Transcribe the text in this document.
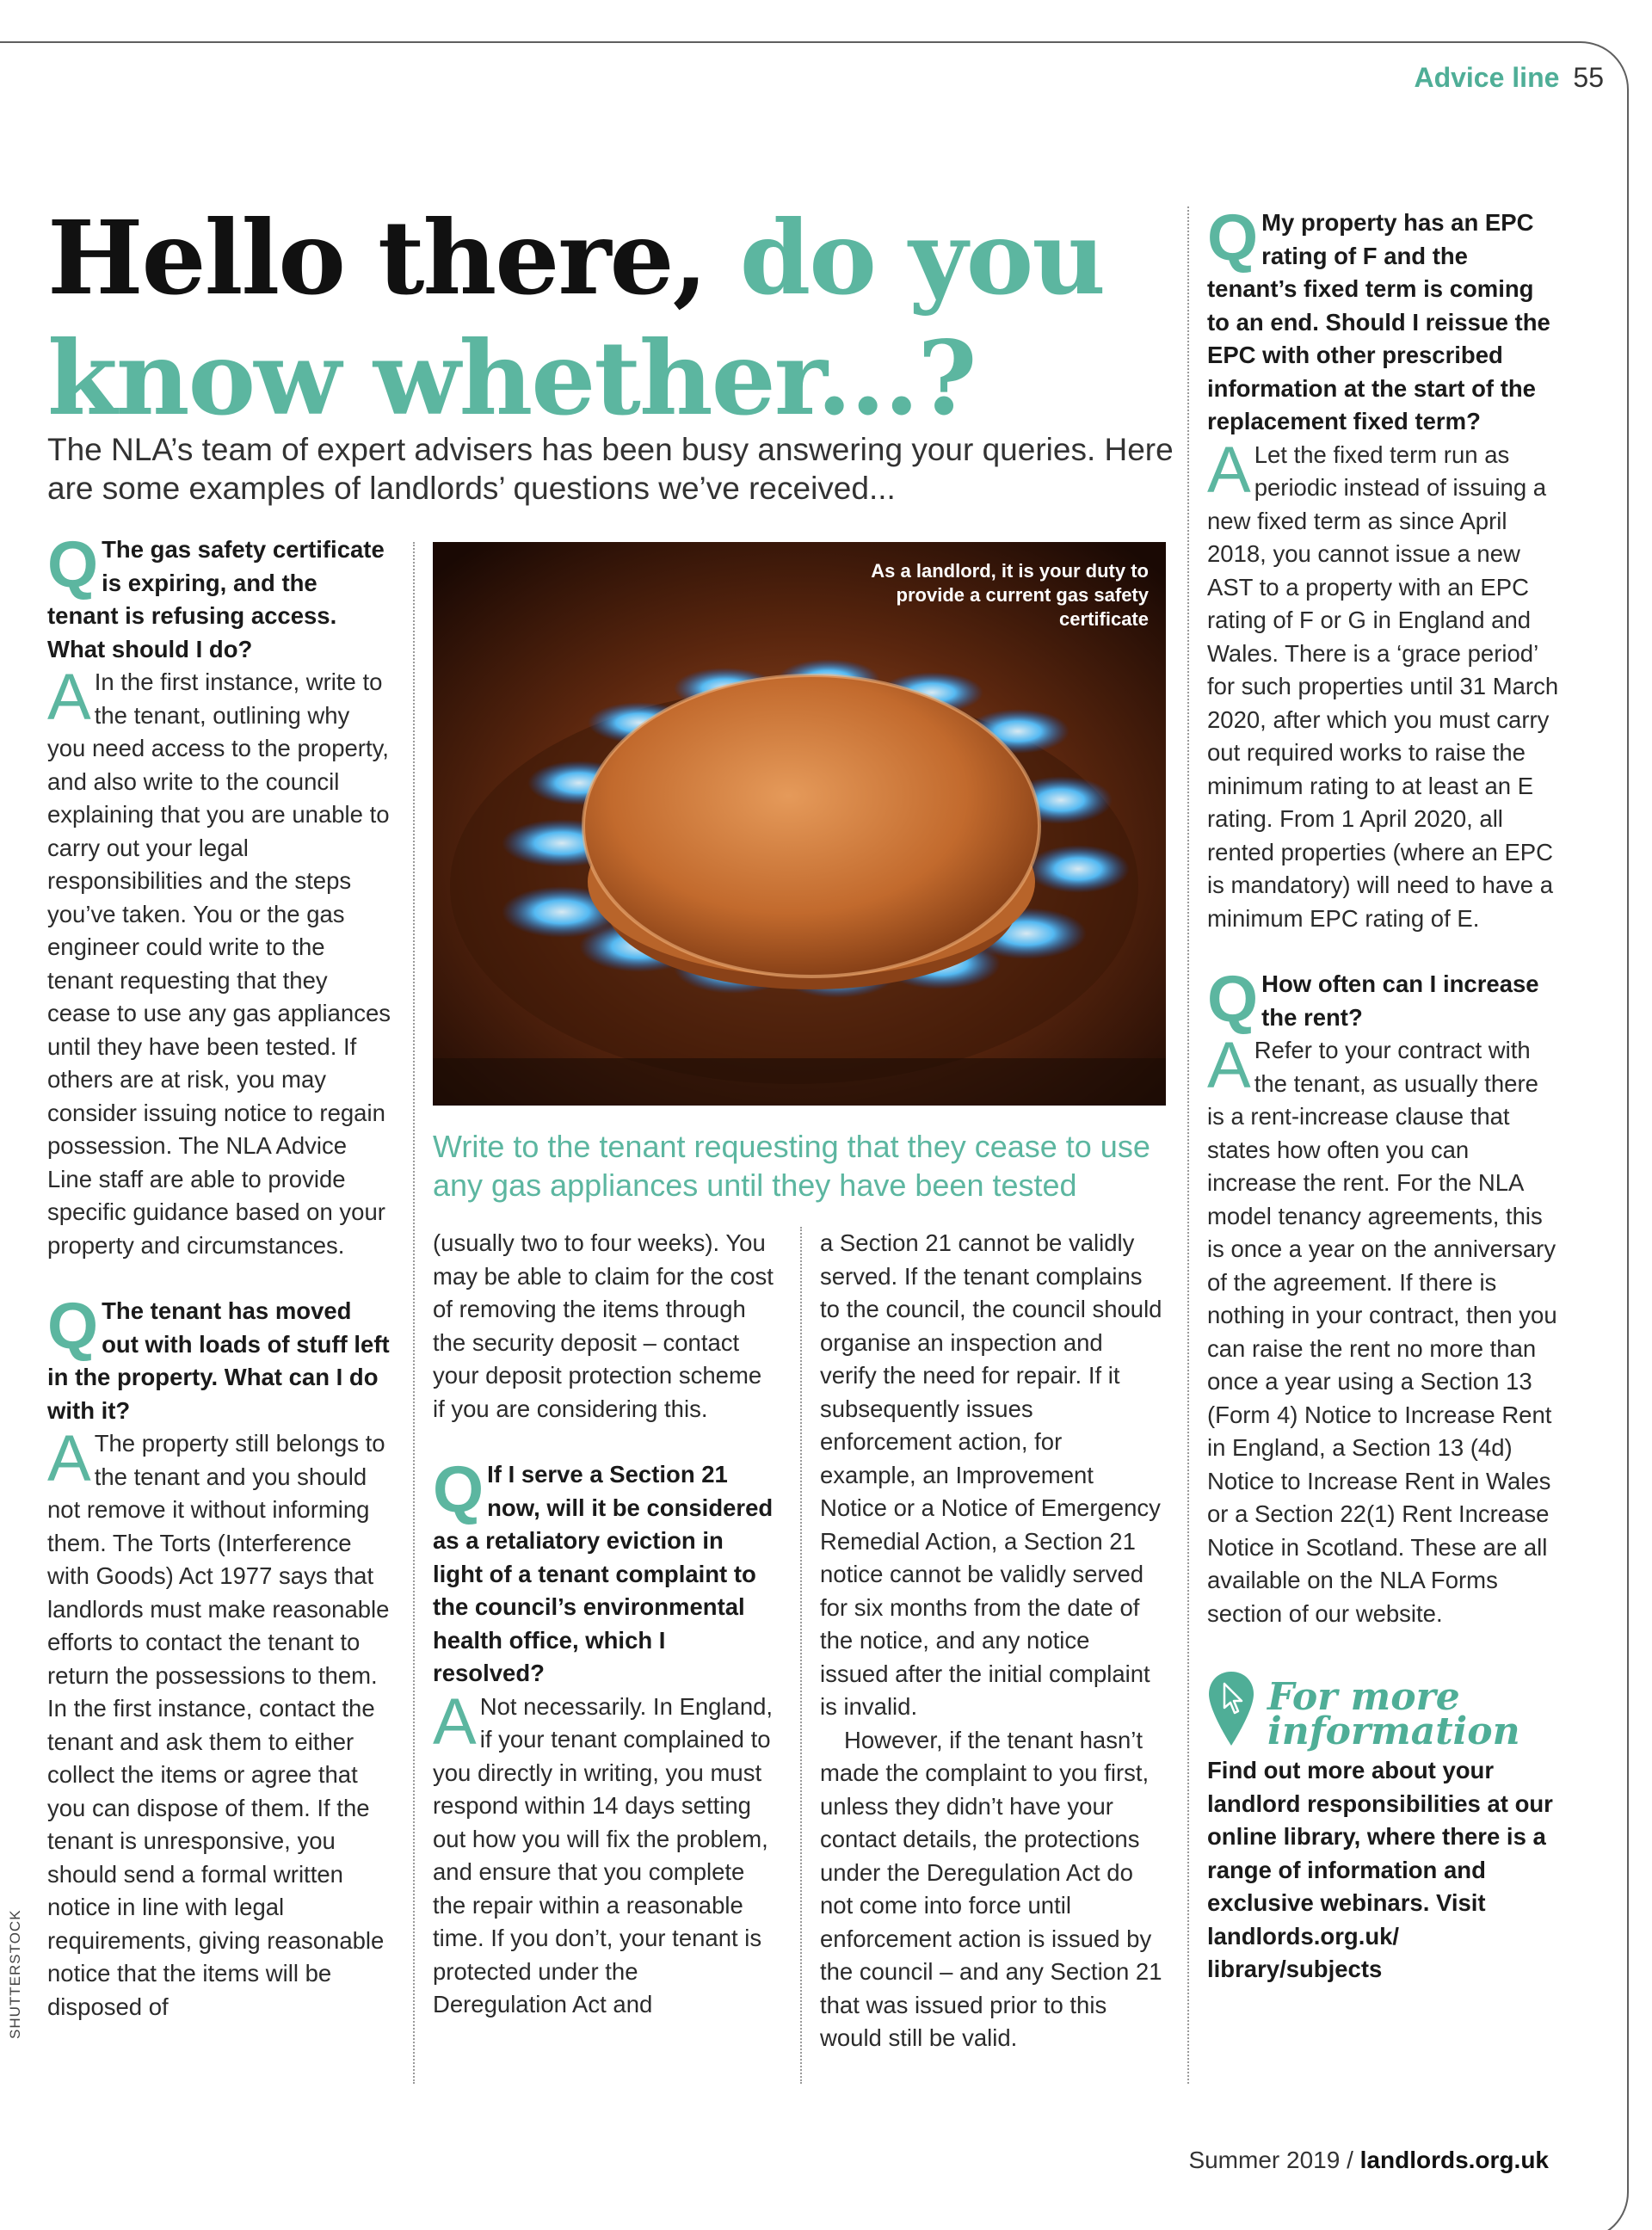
Advice line 55
Hello there, do you
know whether...?

The NLA’s team of expert advisers has been busy answering your queries. Here are some examples of landlords’ questions we’ve received...

Q The gas safety certificate is expiring, and the tenant is refusing access. What should I do?
A In the first instance, write to the tenant, outlining why you need access to the property, and also write to the council explaining that you are unable to carry out your legal responsibilities and the steps you’ve taken. You or the gas engineer could write to the tenant requesting that they cease to use any gas appliances until they have been tested. If others are at risk, you may consider issuing notice to regain possession. The NLA Advice Line staff are able to provide specific guidance based on your property and circumstances.
Q The tenant has moved out with loads of stuff left in the property. What can I do with it?
A The property still belongs to the tenant and you should not remove it without informing them. The Torts (Interference with Goods) Act 1977 says that landlords must make reasonable efforts to contact the tenant to return the possessions to them. In the first instance, contact the tenant and ask them to either collect the items or agree that you can dispose of them. If the tenant is unresponsive, you should send a formal written notice in line with legal requirements, giving reasonable notice that the items will be disposed of
As a landlord, it is your duty to provide a current gas safety certificate

Write to the tenant requesting that they cease to use any gas appliances until they have been tested

(usually two to four weeks). You may be able to claim for the cost of removing the items through the security deposit – contact your deposit protection scheme if you are considering this.
Q If I serve a Section 21 now, will it be considered as a retaliatory eviction in light of a tenant complaint to the council’s environmental health office, which I resolved?
A Not necessarily. In England, if your tenant complained to you directly in writing, you must respond within 14 days setting out how you will fix the problem, and ensure that you complete the repair within a reasonable time. If you don’t, your tenant is protected under the Deregulation Act and
a Section 21 cannot be validly served. If the tenant complains to the council, the council should organise an inspection and verify the need for repair. If it subsequently issues enforcement action, for example, an Improvement Notice or a Notice of Emergency Remedial Action, a Section 21 notice cannot be validly served for six months from the date of the notice, and any notice issued after the initial complaint is invalid.
However, if the tenant hasn’t made the complaint to you first, unless they didn’t have your contact details, the protections under the Deregulation Act do not come into force until enforcement action is issued by the council – and any Section 21 that was issued prior to this would still be valid.
Q My property has an EPC rating of F and the tenant’s fixed term is coming to an end. Should I reissue the EPC with other prescribed information at the start of the replacement fixed term?
A Let the fixed term run as periodic instead of issuing a new fixed term as since April 2018, you cannot issue a new AST to a property with an EPC rating of F or G in England and Wales. There is a ‘grace period’ for such properties until 31 March 2020, after which you must carry out required works to raise the minimum rating to at least an E rating. From 1 April 2020, all rented properties (where an EPC is mandatory) will need to have a minimum EPC rating of E.
Q How often can I increase the rent?
A Refer to your contract with the tenant, as usually there is a rent-increase clause that states how often you can increase the rent. For the NLA model tenancy agreements, this is once a year on the anniversary of the agreement. If there is nothing in your contract, then you can raise the rent no more than once a year using a Section 13 (Form 4) Notice to Increase Rent in England, a Section 13 (4d) Notice to Increase Rent in Wales or a Section 22(1) Rent Increase Notice in Scotland. These are all available on the NLA Forms section of our website.
For more
information
Find out more about your landlord responsibilities at our online library, where there is a range of information and exclusive webinars. Visit landlords.org.uk/ library/subjects
SHUTTERSTOCK
Summer 2019 / landlords.org.uk
